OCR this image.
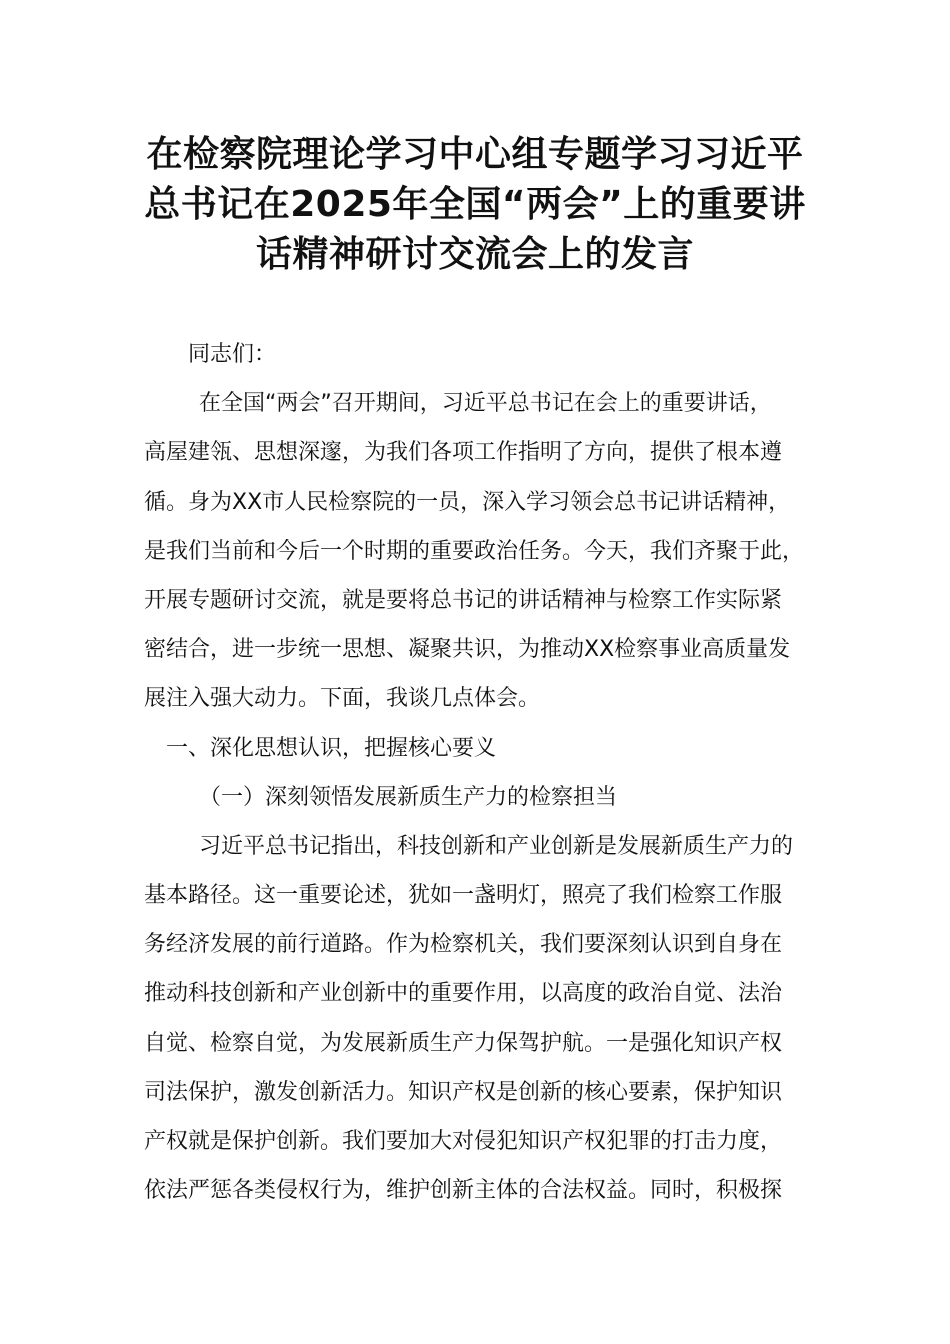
在检察院理论学习中心组专题学习习近平
总书记在2025年全国“两会”上的重要讲
话精神研讨交流会上的发言

同志们：

在全国“两会”召开期间，习近平总书记在会上的重要讲话，
高屋建瓴、思想深邃，为我们各项工作指明了方向，提供了根本遵
循。身为XX市人民检察院的一员，深入学习领会总书记讲话精神，
是我们当前和今后一个时期的重要政治任务。今天，我们齐聚于此，
开展专题研讨交流，就是要将总书记的讲话精神与检察工作实际紧
密结合，进一步统一思想、凝聚共识，为推动XX检察事业高质量发
展注入强大动力。下面，我谈几点体会。

一、深化思想认识，把握核心要义

（一）深刻领悟发展新质生产力的检察担当

习近平总书记指出，科技创新和产业创新是发展新质生产力的
基本路径。这一重要论述，犹如一盏明灯，照亮了我们检察工作服
务经济发展的前行道路。作为检察机关，我们要深刻认识到自身在
推动科技创新和产业创新中的重要作用，以高度的政治自觉、法治
自觉、检察自觉，为发展新质生产力保驾护航。一是强化知识产权
司法保护，激发创新活力。知识产权是创新的核心要素，保护知识
产权就是保护创新。我们要加大对侵犯知识产权犯罪的打击力度，
依法严惩各类侵权行为，维护创新主体的合法权益。同时，积极探
